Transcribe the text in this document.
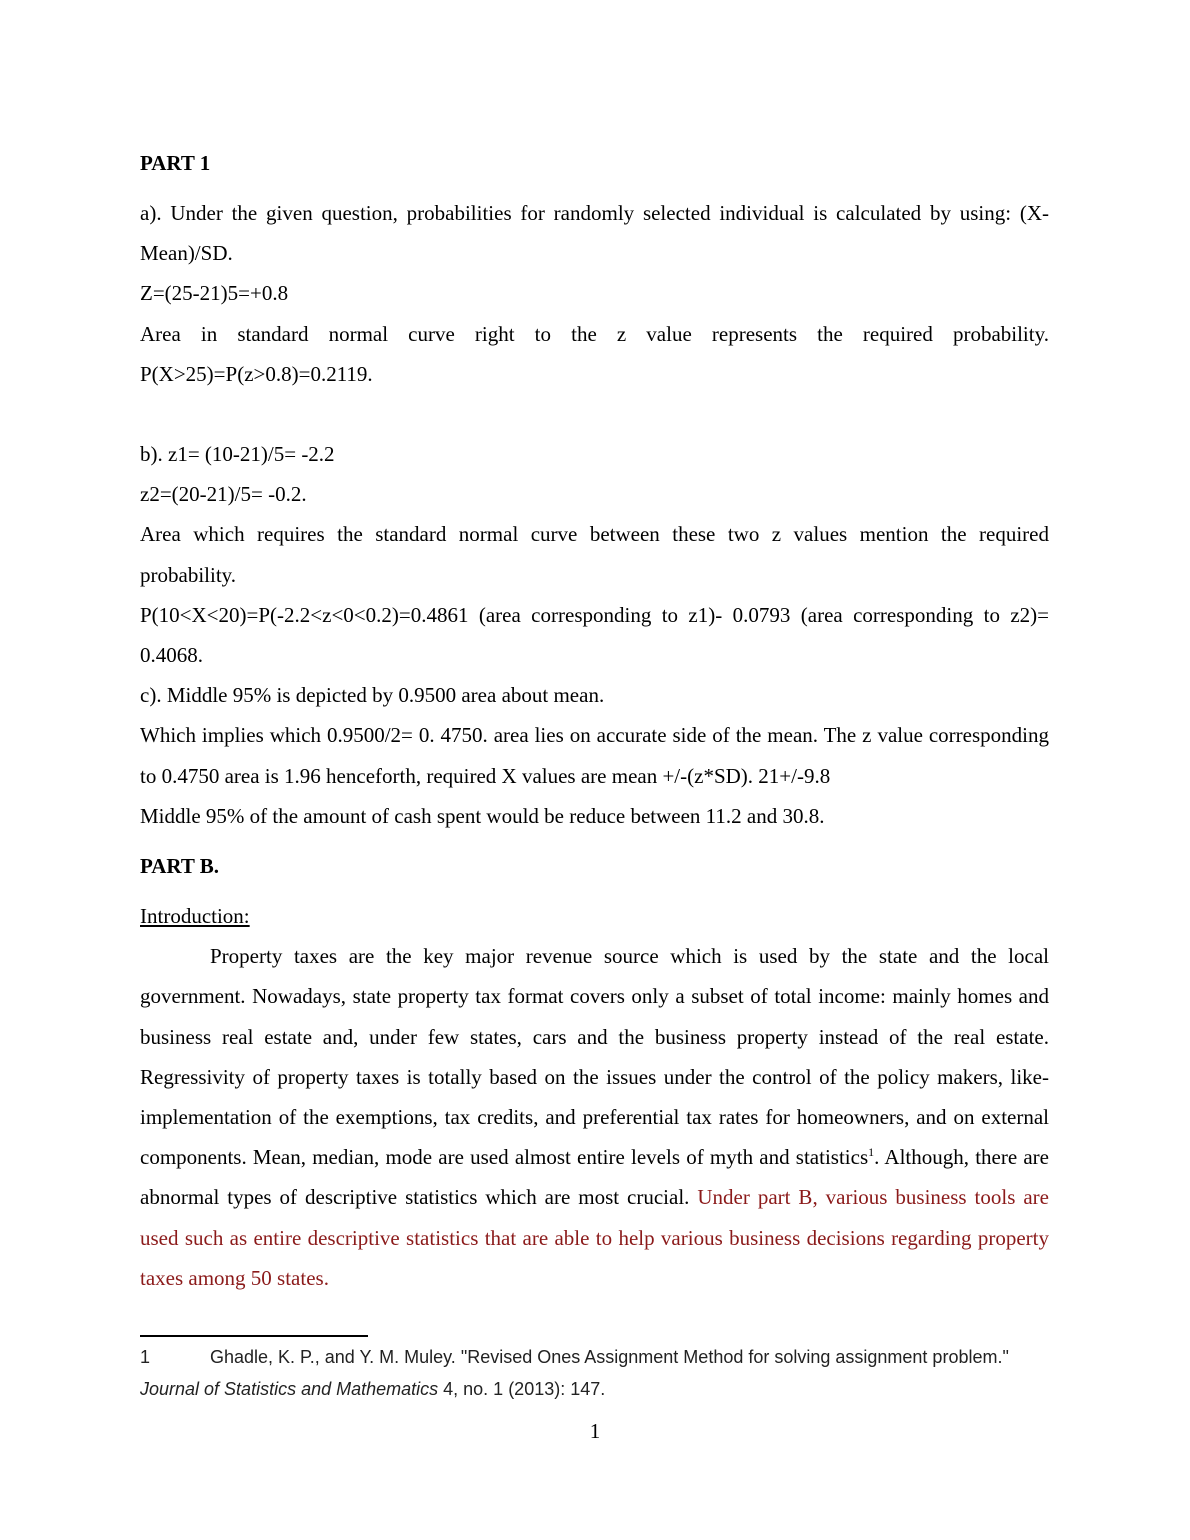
PART 1

a). Under the given question, probabilities for randomly selected individual is calculated by using: (X-Mean)/SD.

Z=(25-21)5=+0.8

Area in standard normal curve right to the z value represents the required probability. P(X>25)=P(z>0.8)=0.2119.

b). z1= (10-21)/5= -2.2

z2=(20-21)/5= -0.2.

Area which requires the standard normal curve between these two z values mention the required probability.

P(10<X<20)=P(-2.2<z<0<0.2)=0.4861 (area corresponding to z1)- 0.0793 (area corresponding to z2)= 0.4068.

c). Middle 95% is depicted by 0.9500 area about mean.

Which implies which 0.9500/2= 0. 4750. area lies on accurate side of the mean. The z value corresponding to 0.4750 area is 1.96 henceforth, required X values are mean +/-(z*SD). 21+/-9.8

Middle 95% of the amount of cash spent would be reduce between 11.2 and 30.8.

PART B.

Introduction:

Property taxes are the key major revenue source which is used by the state and the local government. Nowadays, state property tax format covers only a subset of total income: mainly homes and business real estate and, under few states, cars and the business property instead of the real estate. Regressivity of property taxes is totally based on the issues under the control of the policy makers, like- implementation of the exemptions, tax credits, and preferential tax rates for homeowners, and on external components. Mean, median, mode are used almost entire levels of myth and statistics$^1$. Although, there are abnormal types of descriptive statistics which are most crucial. Under part B, various business tools are used such as entire descriptive statistics that are able to help various business decisions regarding property taxes among 50 states.

1	Ghadle, K. P., and Y. M. Muley. "Revised Ones Assignment Method for solving assignment problem." Journal of Statistics and Mathematics 4, no. 1 (2013): 147.
1
